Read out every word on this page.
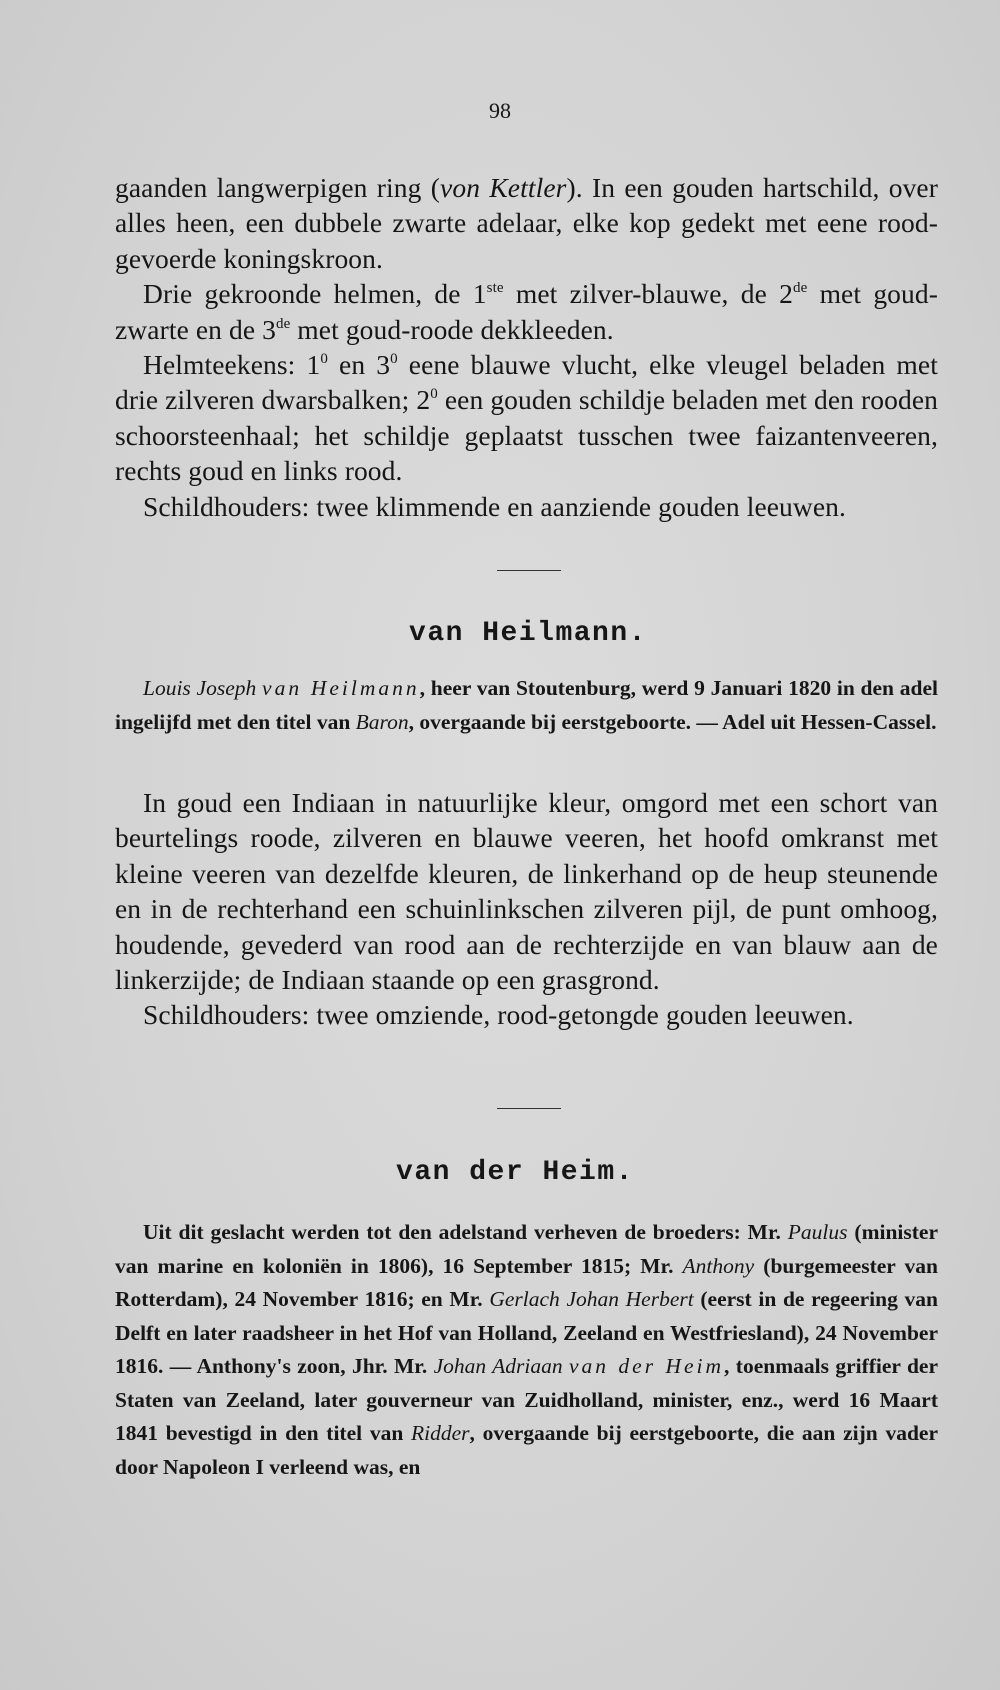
98

gaanden langwerpigen ring (von Kettler). In een gouden hartschild, over alles heen, een dubbele zwarte adelaar, elke kop gedekt met eene rood-gevoerde koningskroon.

Drie gekroonde helmen, de 1ste met zilver-blauwe, de 2de met goud-zwarte en de 3de met goud-roode dekkleeden.

Helmteekens: $1^0$ en $3^0$ eene blauwe vlucht, elke vleugel beladen met drie zilveren dwarsbalken; $2^0$ een gouden schildje beladen met den rooden schoorsteenhaal; het schildje geplaatst tusschen twee faizantenveeren, rechts goud en links rood.

Schildhouders: twee klimmende en aanziende gouden leeuwen.

van Heilmann.

Louis Joseph van Heilmann, heer van Stoutenburg, werd 9 Januari 1820 in den adel ingelijfd met den titel van Baron, overgaande bij eerstgeboorte. — Adel uit Hessen-Cassel.

In goud een Indiaan in natuurlijke kleur, omgord met een schort van beurtelings roode, zilveren en blauwe veeren, het hoofd omkranst met kleine veeren van dezelfde kleuren, de linkerhand op de heup steunende en in de rechterhand een schuinlinkschen zilveren pijl, de punt omhoog, houdende, gevederd van rood aan de rechterzijde en van blauw aan de linkerzijde; de Indiaan staande op een grasgrond.

Schildhouders: twee omziende, rood-getongde gouden leeuwen.

van der Heim.

Uit dit geslacht werden tot den adelstand verheven de broeders: Mr. Paulus (minister van marine en koloniën in 1806), 16 September 1815; Mr. Anthony (burgemeester van Rotterdam), 24 November 1816; en Mr. Gerlach Johan Herbert (eerst in de regeering van Delft en later raadsheer in het Hof van Holland, Zeeland en Westfriesland), 24 November 1816. — Anthony's zoon, Jhr. Mr. Johan Adriaan van der Heim, toenmaals griffier der Staten van Zeeland, later gouverneur van Zuidholland, minister, enz., werd 16 Maart 1841 bevestigd in den titel van Ridder, overgaande bij eerstgeboorte, die aan zijn vader door Napoleon I verleend was, en
